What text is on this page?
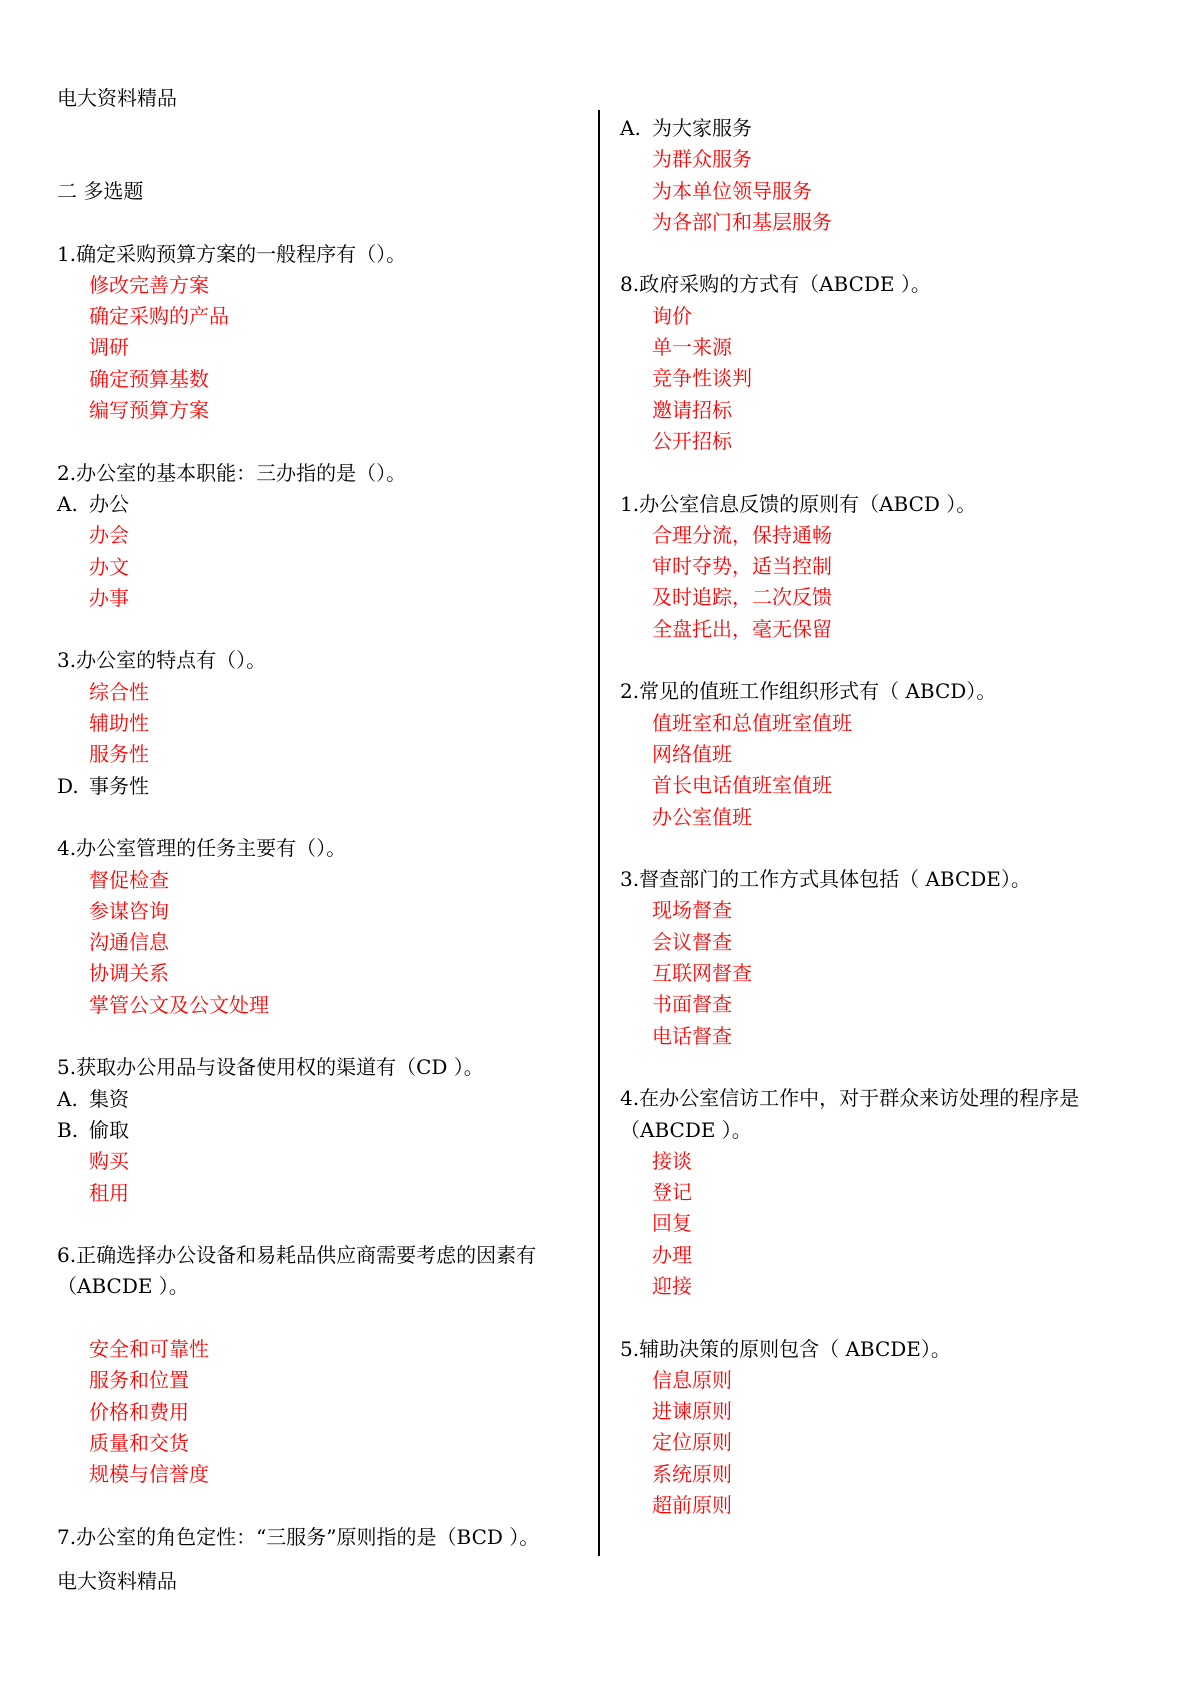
电大资料精品
二 多选题
1.确定采购预算方案的一般程序有（）。
修改完善方案
确定采购的产品
调研
确定预算基数
编写预算方案
2.办公室的基本职能：三办指的是（）。
A. 办公
办会
办文
办事
3.办公室的特点有（）。
综合性
辅助性
服务性
D. 事务性
4.办公室管理的任务主要有（）。
督促检查
参谋咨询
沟通信息
协调关系
掌管公文及公文处理
5.获取办公用品与设备使用权的渠道有（CD ）。
A. 集资
B. 偷取
购买
租用
6.正确选择办公设备和易耗品供应商需要考虑的因素有（ABCDE ）。
安全和可靠性
服务和位置
价格和费用
质量和交货
规模与信誉度
7.办公室的角色定性：“三服务”原则指的是（BCD ）。
A. 为大家服务
为群众服务
为本单位领导服务
为各部门和基层服务
8.政府采购的方式有（ABCDE ）。
询价
单一来源
竞争性谈判
邀请招标
公开招标
1.办公室信息反馈的原则有（ABCD ）。
合理分流，保持通畅
审时夺势，适当控制
及时追踪，二次反馈
全盘托出，毫无保留
2.常见的值班工作组织形式有（ ABCD）。
值班室和总值班室值班
网络值班
首长电话值班室值班
办公室值班
3.督查部门的工作方式具体包括（ ABCDE）。
现场督查
会议督查
互联网督查
书面督查
电话督查
4.在办公室信访工作中，对于群众来访处理的程序是（ABCDE ）。
接谈
登记
回复
办理
迎接
5.辅助决策的原则包含（ ABCDE）。
信息原则
进谏原则
定位原则
系统原则
超前原则
电大资料精品
